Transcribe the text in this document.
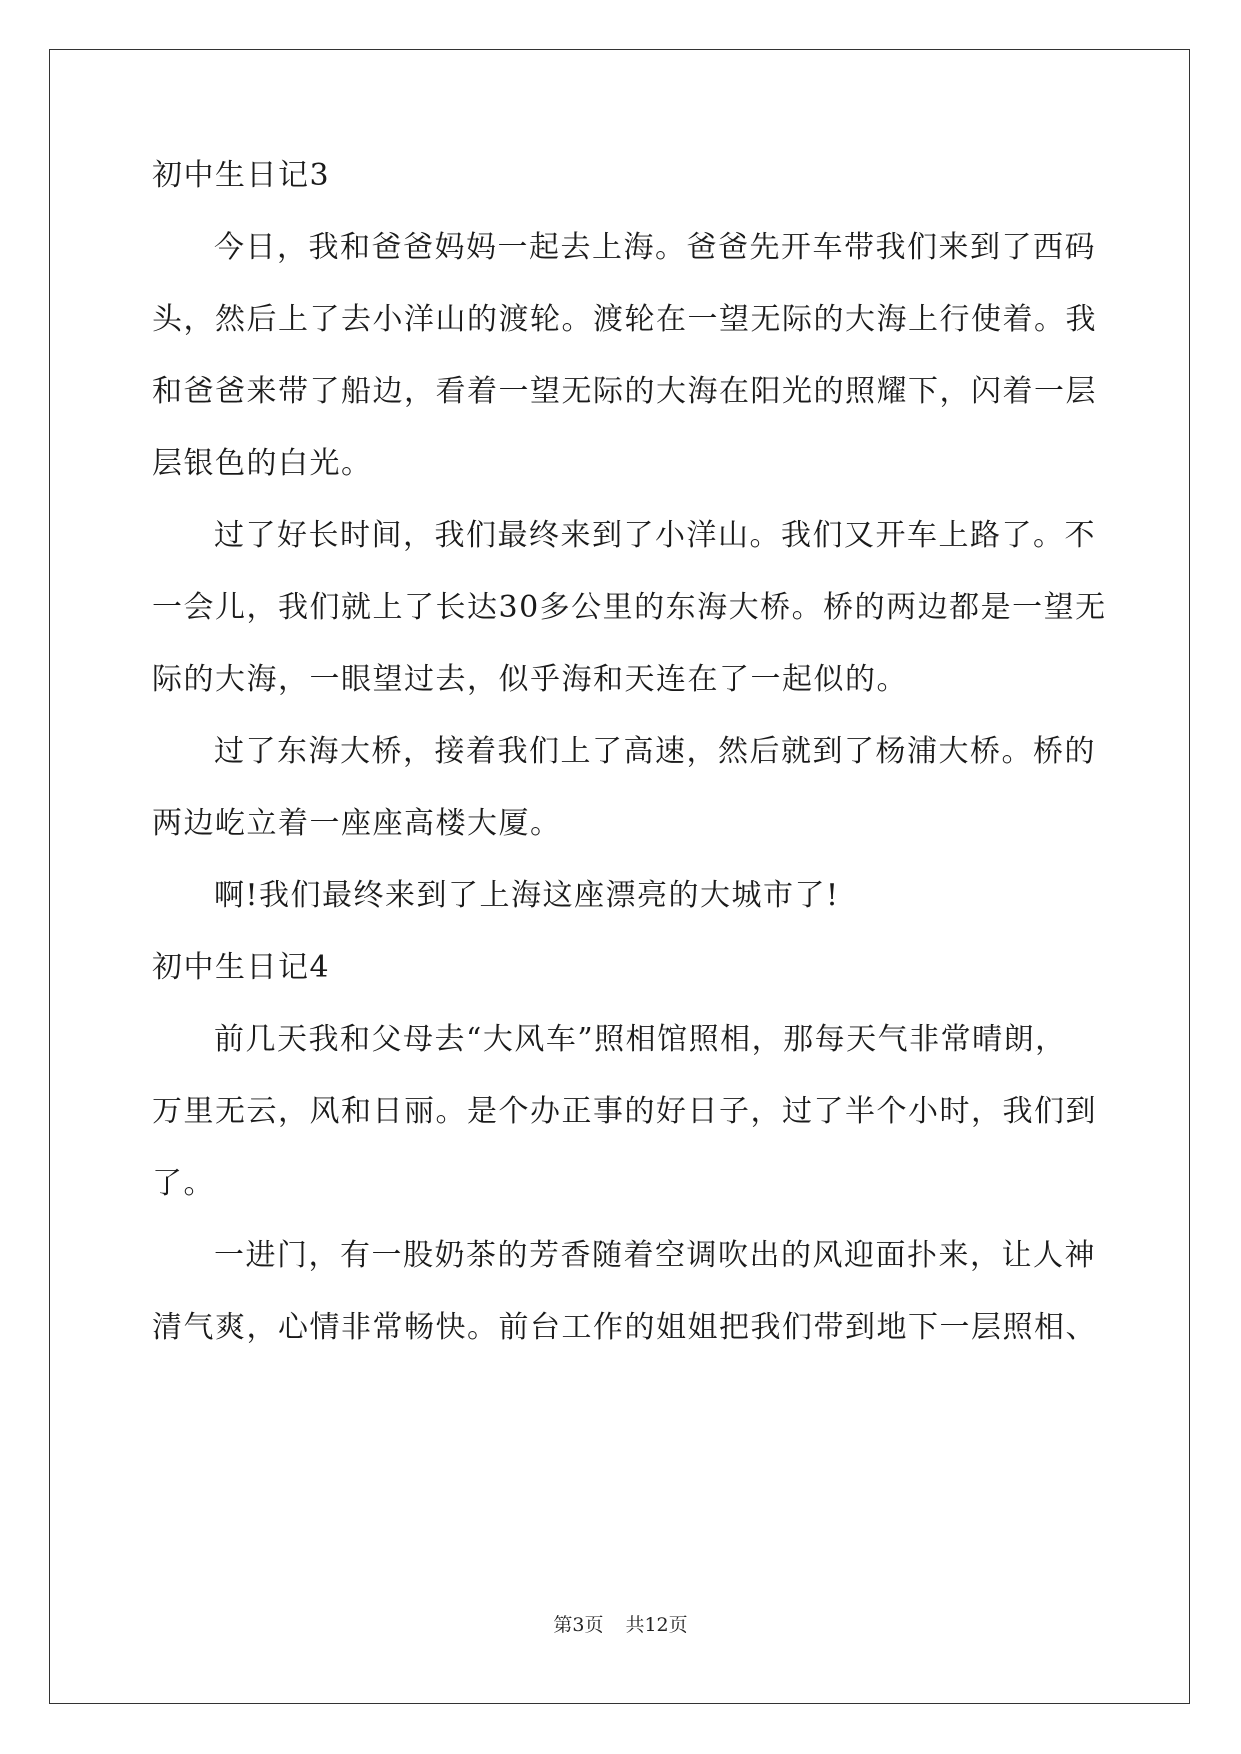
初中生日记3
今日，我和爸爸妈妈一起去上海。爸爸先开车带我们来到了西码
头，然后上了去小洋山的渡轮。渡轮在一望无际的大海上行使着。我
和爸爸来带了船边，看着一望无际的大海在阳光的照耀下，闪着一层
层银色的白光。
过了好长时间，我们最终来到了小洋山。我们又开车上路了。不
一会儿，我们就上了长达30多公里的东海大桥。桥的两边都是一望无
际的大海，一眼望过去，似乎海和天连在了一起似的。
过了东海大桥，接着我们上了高速，然后就到了杨浦大桥。桥的
两边屹立着一座座高楼大厦。
啊!我们最终来到了上海这座漂亮的大城市了!
初中生日记4
前几天我和父母去“大风车”照相馆照相，那每天气非常晴朗，
万里无云，风和日丽。是个办正事的好日子，过了半个小时，我们到
了。
一进门，有一股奶茶的芳香随着空调吹出的风迎面扑来，让人神
清气爽，心情非常畅快。前台工作的姐姐把我们带到地下一层照相、
第3页 共12页
